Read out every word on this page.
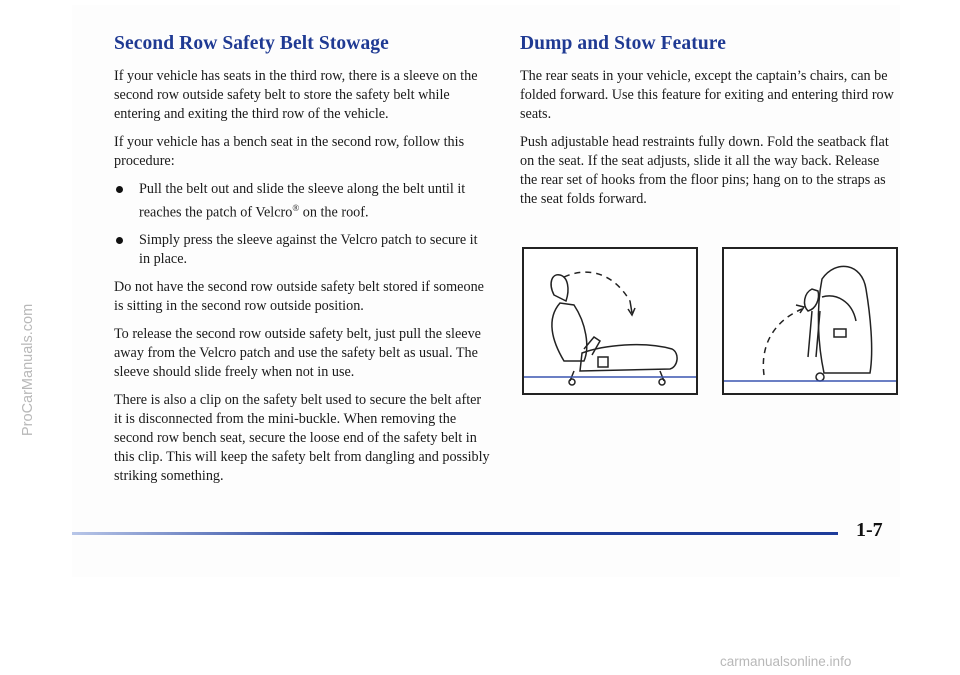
ProCarManuals.com
Second Row Safety Belt Stowage

If your vehicle has seats in the third row, there is a sleeve on the second row outside safety belt to store the safety belt while entering and exiting the third row of the vehicle.

If your vehicle has a bench seat in the second row, follow this procedure:

Pull the belt out and slide the sleeve along the belt until it reaches the patch of Velcro® on the roof.
Simply press the sleeve against the Velcro patch to secure it in place.

Do not have the second row outside safety belt stored if someone is sitting in the second row outside position.

To release the second row outside safety belt, just pull the sleeve away from the Velcro patch and use the safety belt as usual. The sleeve should slide freely when not in use.

There is also a clip on the safety belt used to secure the belt after it is disconnected from the mini-buckle. When removing the second row bench seat, secure the loose end of the safety belt in this clip. This will keep the safety belt from dangling and possibly striking something.

Dump and Stow Feature

The rear seats in your vehicle, except the captain’s chairs, can be folded forward. Use this feature for exiting and entering third row seats.

Push adjustable head restraints fully down. Fold the seatback flat on the seat. If the seat adjusts, slide it all the way back. Release the rear set of hooks from the floor pins; hang on to the straps as the seat folds forward.

1-7
carmanualsonline.info
